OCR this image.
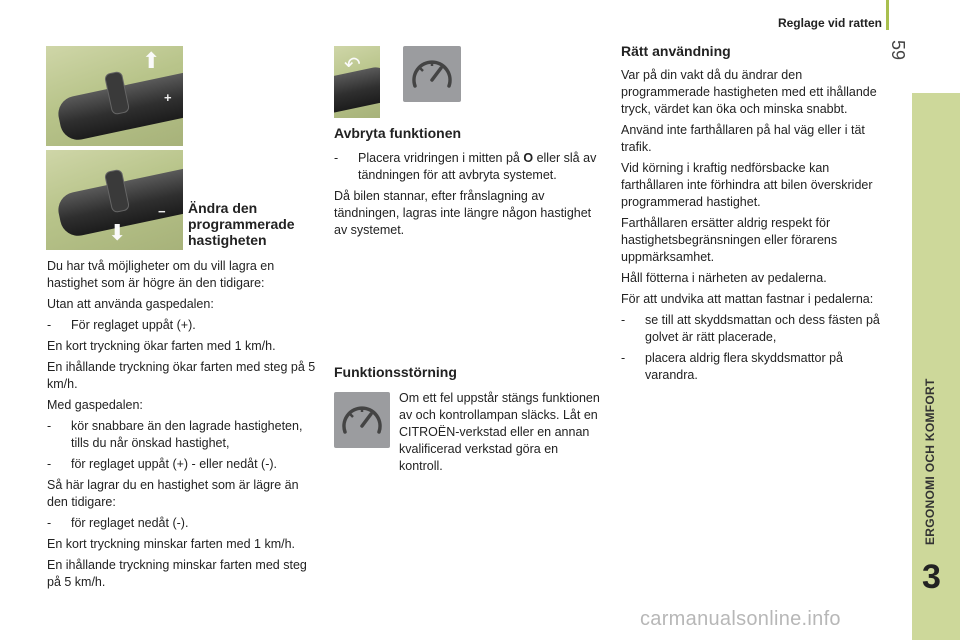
Reglage vid ratten
59
ERGONOMI OCH KOMFORT
3
⬆
+
⬇
− Ändra den
programmerade
hastigheten

Du har två möjligheter om du vill lagra en hastighet som är högre än den tidigare:

Utan att använda gaspedalen:

- För reglaget uppåt (+).

En kort tryckning ökar farten med 1 km/h.

En ihållande tryckning ökar farten med steg på 5 km/h.

Med gaspedalen:

- kör snabbare än den lagrade hastigheten, tills du når önskad hastighet,
- för reglaget uppåt (+) - eller nedåt (-).

Så här lagrar du en hastighet som är lägre än den tidigare:

- för reglaget nedåt (-).

En kort tryckning minskar farten med 1 km/h.

En ihållande tryckning minskar farten med steg på 5 km/h.

↶
Avbryta funktionen
- Placera vridringen i mitten på O eller slå av tändningen för att avbryta systemet.

Då bilen stannar, efter frånslagning av tändningen, lagras inte längre någon hastighet av systemet.

Funktionsstörning

Om ett fel uppstår stängs funktionen av och kontrollampan släcks. Låt en CITROËN-verkstad eller en annan kvalificerad verkstad göra en kontroll.

Rätt användning

Var på din vakt då du ändrar den programmerade hastigheten med ett ihållande tryck, värdet kan öka och minska snabbt.

Använd inte farthållaren på hal väg eller i tät trafik.

Vid körning i kraftig nedförsbacke kan farthållaren inte förhindra att bilen överskrider programmerad hastighet.

Farthållaren ersätter aldrig respekt för hastighetsbegränsningen eller förarens uppmärksamhet.

Håll fötterna i närheten av pedalerna.

För att undvika att mattan fastnar i pedalerna:

- se till att skyddsmattan och dess fästen på golvet är rätt placerade,
- placera aldrig flera skyddsmattor på varandra.
carmanualsonline.info
